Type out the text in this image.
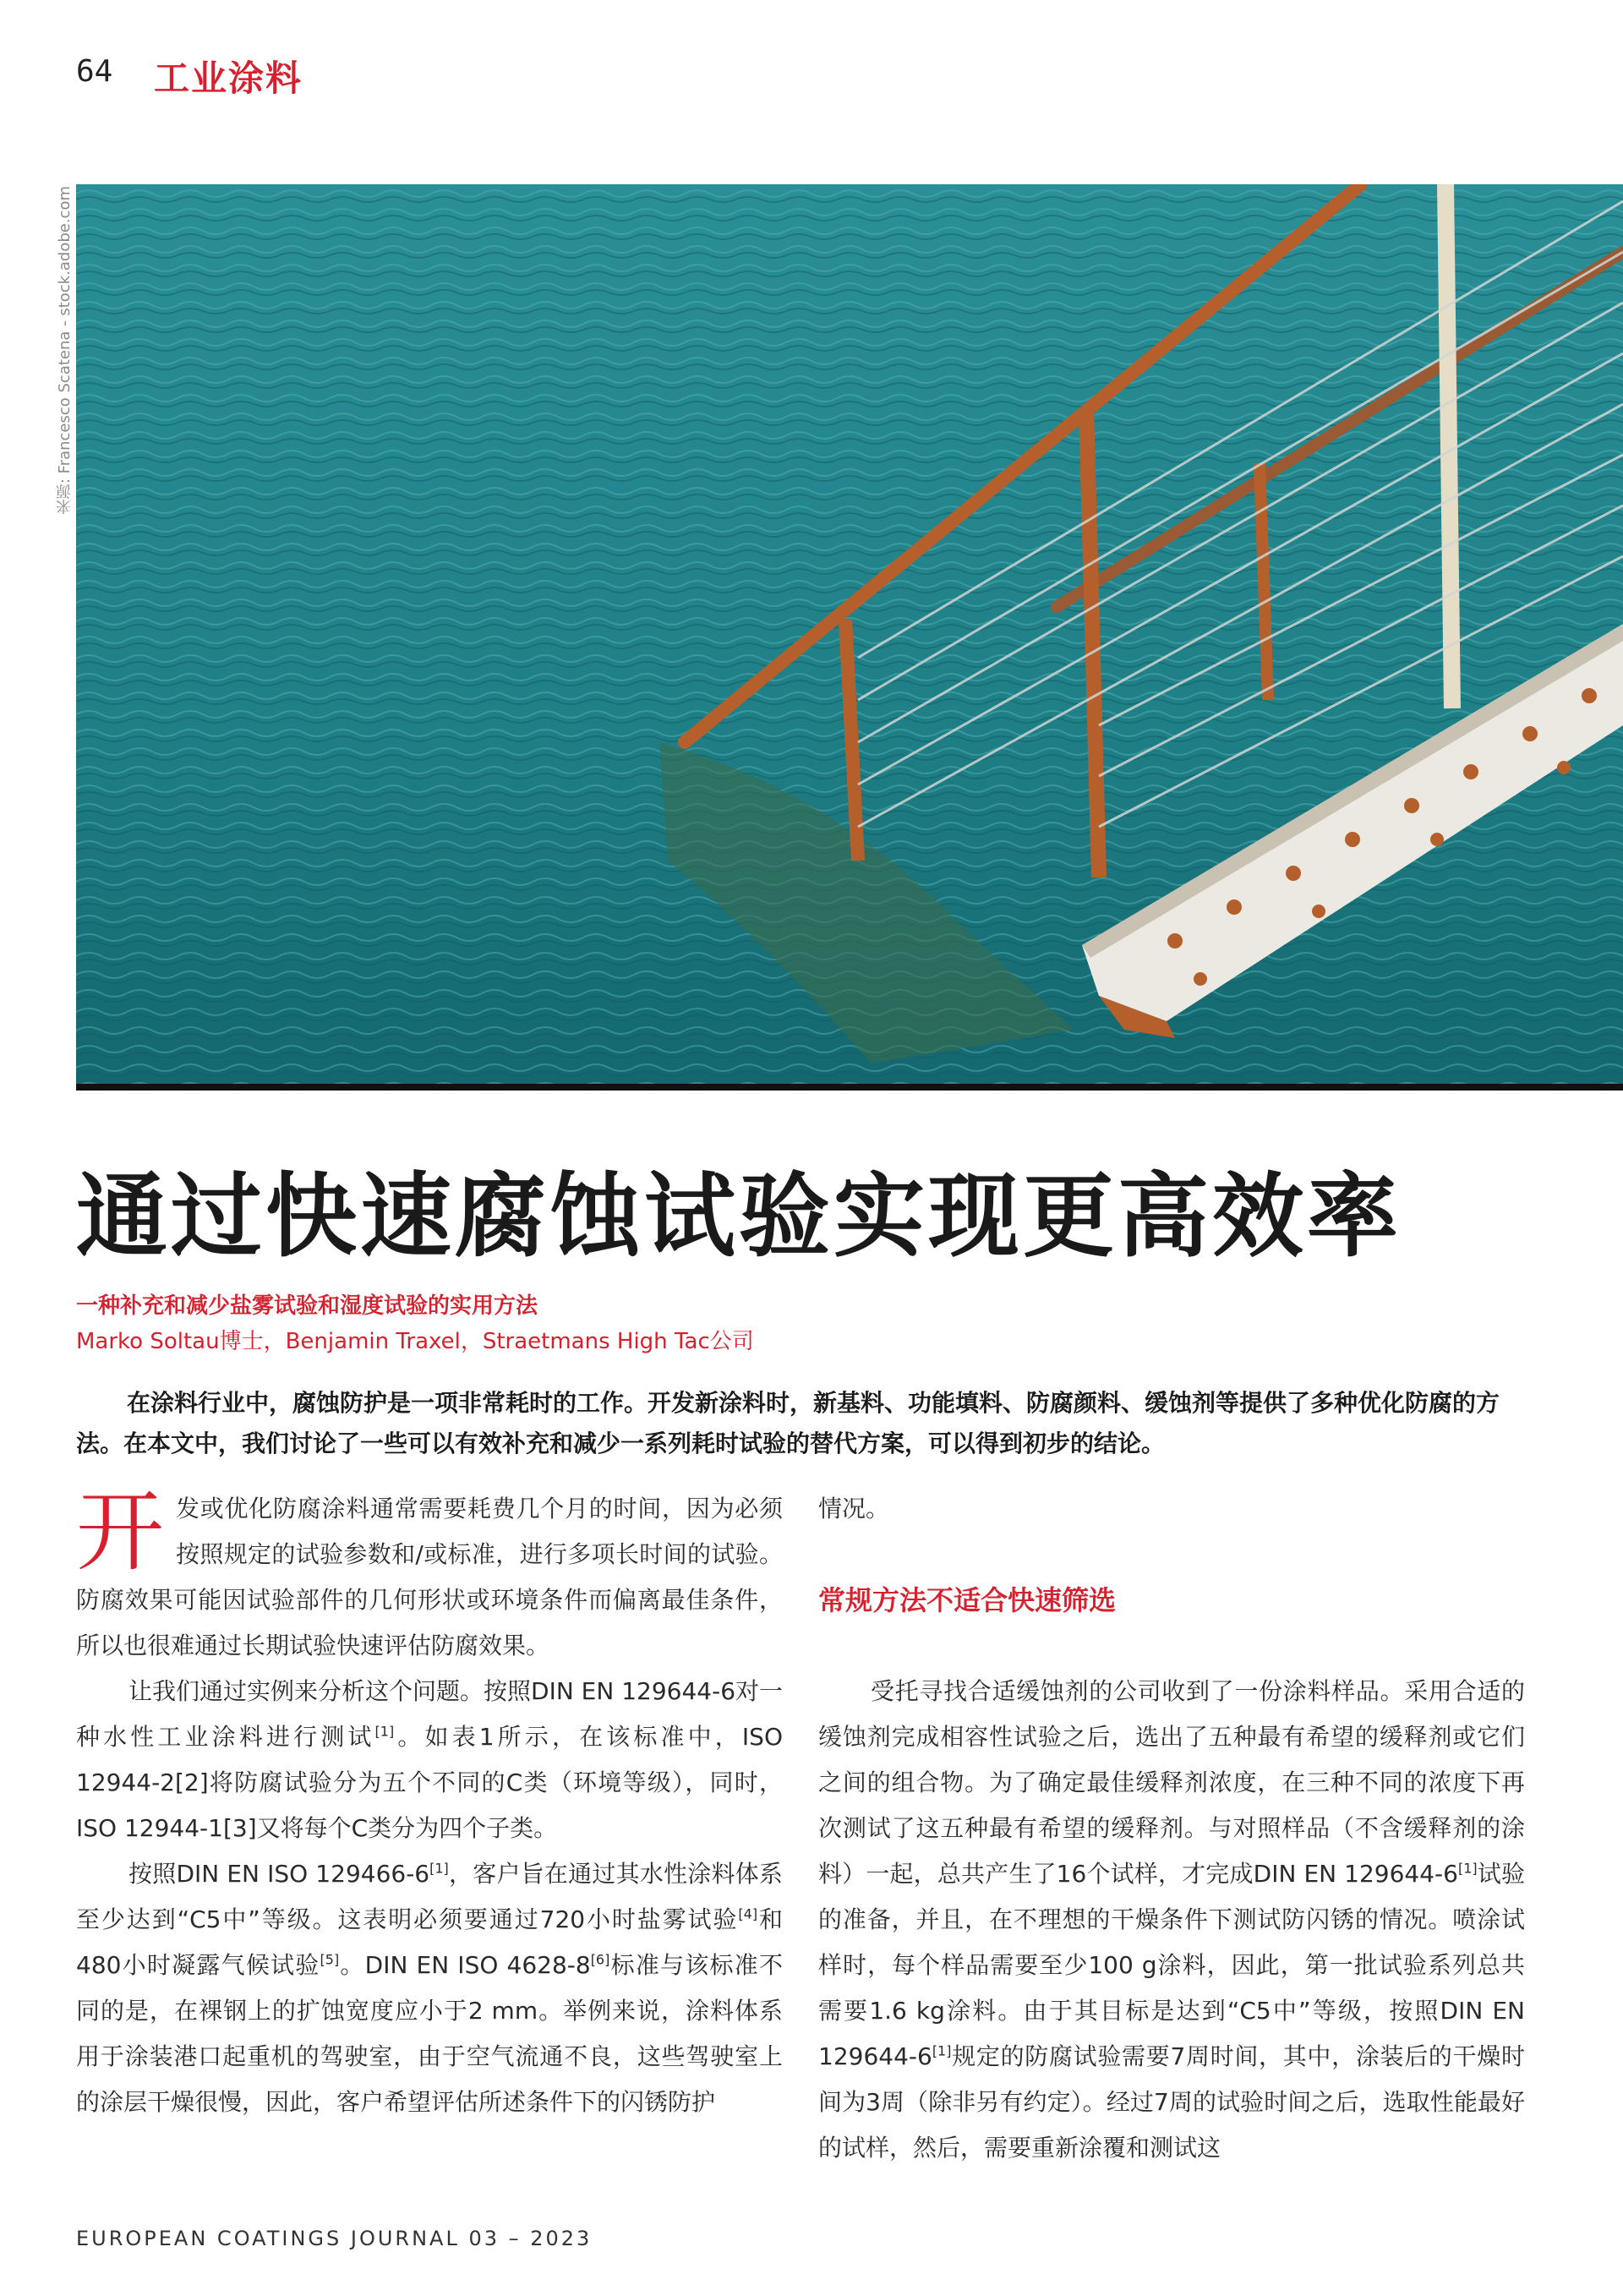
64 工业涂料
来源: Francesco Scatena - stock.adobe.com
通过快速腐蚀试验实现更高效率
一种补充和减少盐雾试验和湿度试验的实用方法
Marko Soltau博士，Benjamin Traxel，Straetmans High Tac公司

在涂料行业中，腐蚀防护是一项非常耗时的工作。开发新涂料时，新基料、功能填料、防腐颜料、缓蚀剂等提供了多种优化防腐的方法。在本文中，我们讨论了一些可以有效补充和减少一系列耗时试验的替代方案，可以得到初步的结论。

开发或优化防腐涂料通常需要耗费几个月的时间，因为必须按照规定的试验参数和/或标准，进行多项长时间的试验。防腐效果可能因试验部件的几何形状或环境条件而偏离最佳条件，所以也很难通过长期试验快速评估防腐效果。

让我们通过实例来分析这个问题。按照DIN EN 129644-6对一种水性工业涂料进行测试[1]。如表1所示，在该标准中，ISO 12944-2[2]将防腐试验分为五个不同的C类（环境等级），同时，ISO 12944-1[3]又将每个C类分为四个子类。

按照DIN EN ISO 129466-6[1]，客户旨在通过其水性涂料体系至少达到“C5中”等级。这表明必须要通过720小时盐雾试验[4]和480小时凝露气候试验[5]。DIN EN ISO 4628-8[6]标准与该标准不同的是，在裸钢上的扩蚀宽度应小于2 mm。举例来说，涂料体系用于涂装港口起重机的驾驶室，由于空气流通不良，这些驾驶室上的涂层干燥很慢，因此，客户希望评估所述条件下的闪锈防护

情况。

常规方法不适合快速筛选

受托寻找合适缓蚀剂的公司收到了一份涂料样品。采用合适的缓蚀剂完成相容性试验之后，选出了五种最有希望的缓释剂或它们之间的组合物。为了确定最佳缓释剂浓度，在三种不同的浓度下再次测试了这五种最有希望的缓释剂。与对照样品（不含缓释剂的涂料）一起，总共产生了16个试样，才完成DIN EN 129644-6[1]试验的准备，并且，在不理想的干燥条件下测试防闪锈的情况。喷涂试样时，每个样品需要至少100 g涂料，因此，第一批试验系列总共需要1.6 kg涂料。由于其目标是达到“C5中”等级，按照DIN EN 129644-6[1]规定的防腐试验需要7周时间，其中，涂装后的干燥时间为3周（除非另有约定）。经过7周的试验时间之后，选取性能最好的试样，然后，需要重新涂覆和测试这

EUROPEAN COATINGS JOURNAL 03 – 2023
